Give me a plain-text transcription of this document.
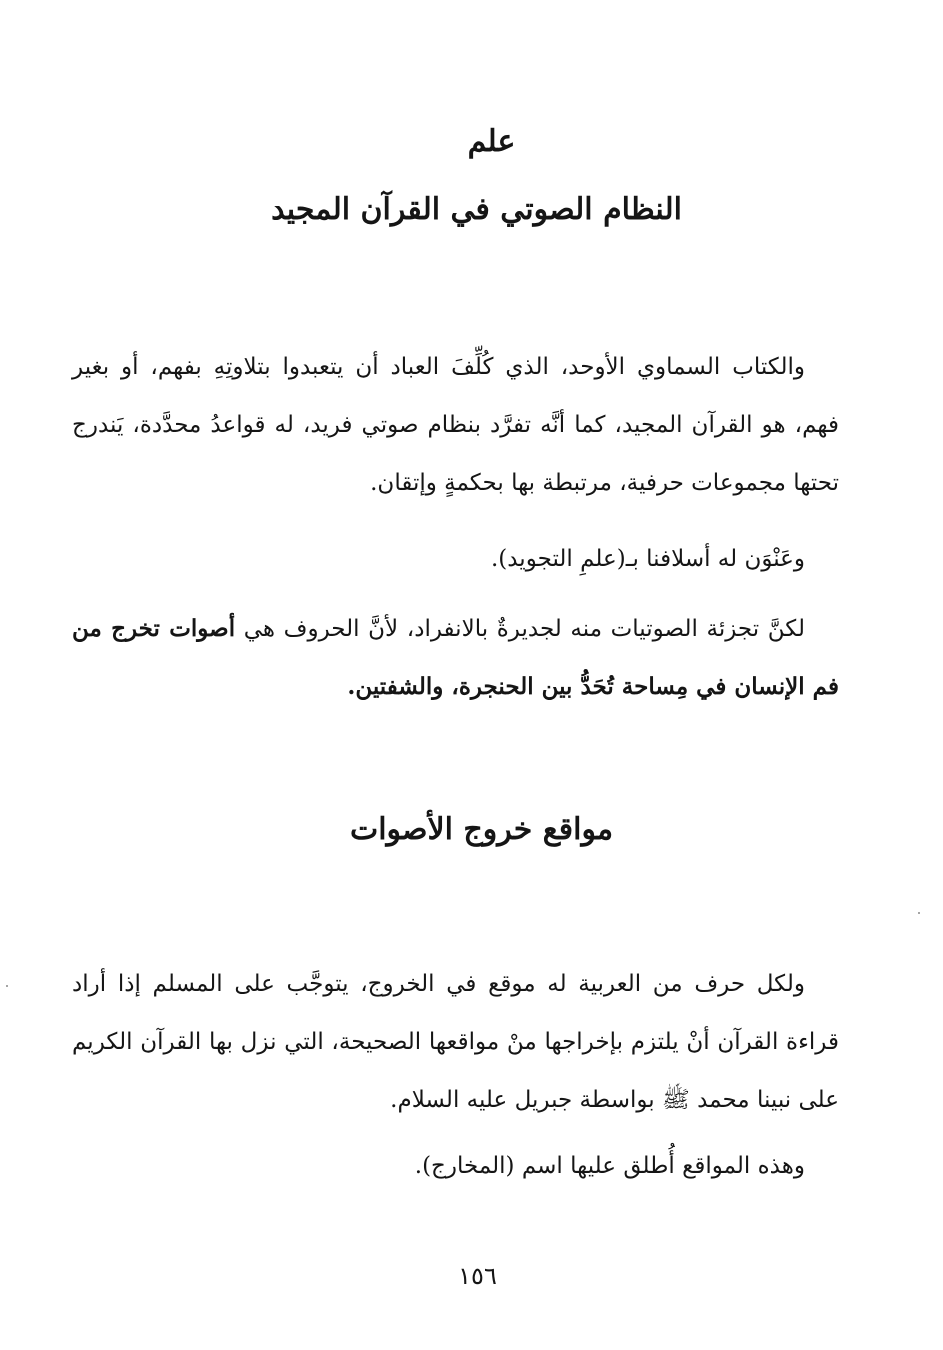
علم
النظام الصوتي في القرآن المجيد

والكتاب السماوي الأوحد، الذي كُلِّفَ العباد أن يتعبدوا بتلاوتِهِ بفهم، أو بغير فهم، هو القرآن المجيد، كما أنَّه تفرَّد بنظام صوتي فريد، له قواعدُ محدَّدة، يَندرج تحتها مجموعات حرفية، مرتبطة بها بحكمةٍ وإتقان.

وعَنْوَن له أسلافنا بـ(علمِ التجويد).

لكنَّ تجزئة الصوتيات منه لجديرةٌ بالانفراد، لأنَّ الحروف هي أصوات تخرج من فم الإنسان في مِساحة تُحَدُّ بين الحنجرة، والشفتين.

مواقع خروج الأصوات

ولكل حرف من العربية له موقع في الخروج، يتوجَّب على المسلم إذا أراد قراءة القرآن أنْ يلتزم بإخراجها منْ مواقعها الصحيحة، التي نزل بها القرآن الكريم على نبينا محمد ﷺ بواسطة جبريل عليه السلام.

وهذه المواقع أُطلق عليها اسم (المخارج).

١٥٦
